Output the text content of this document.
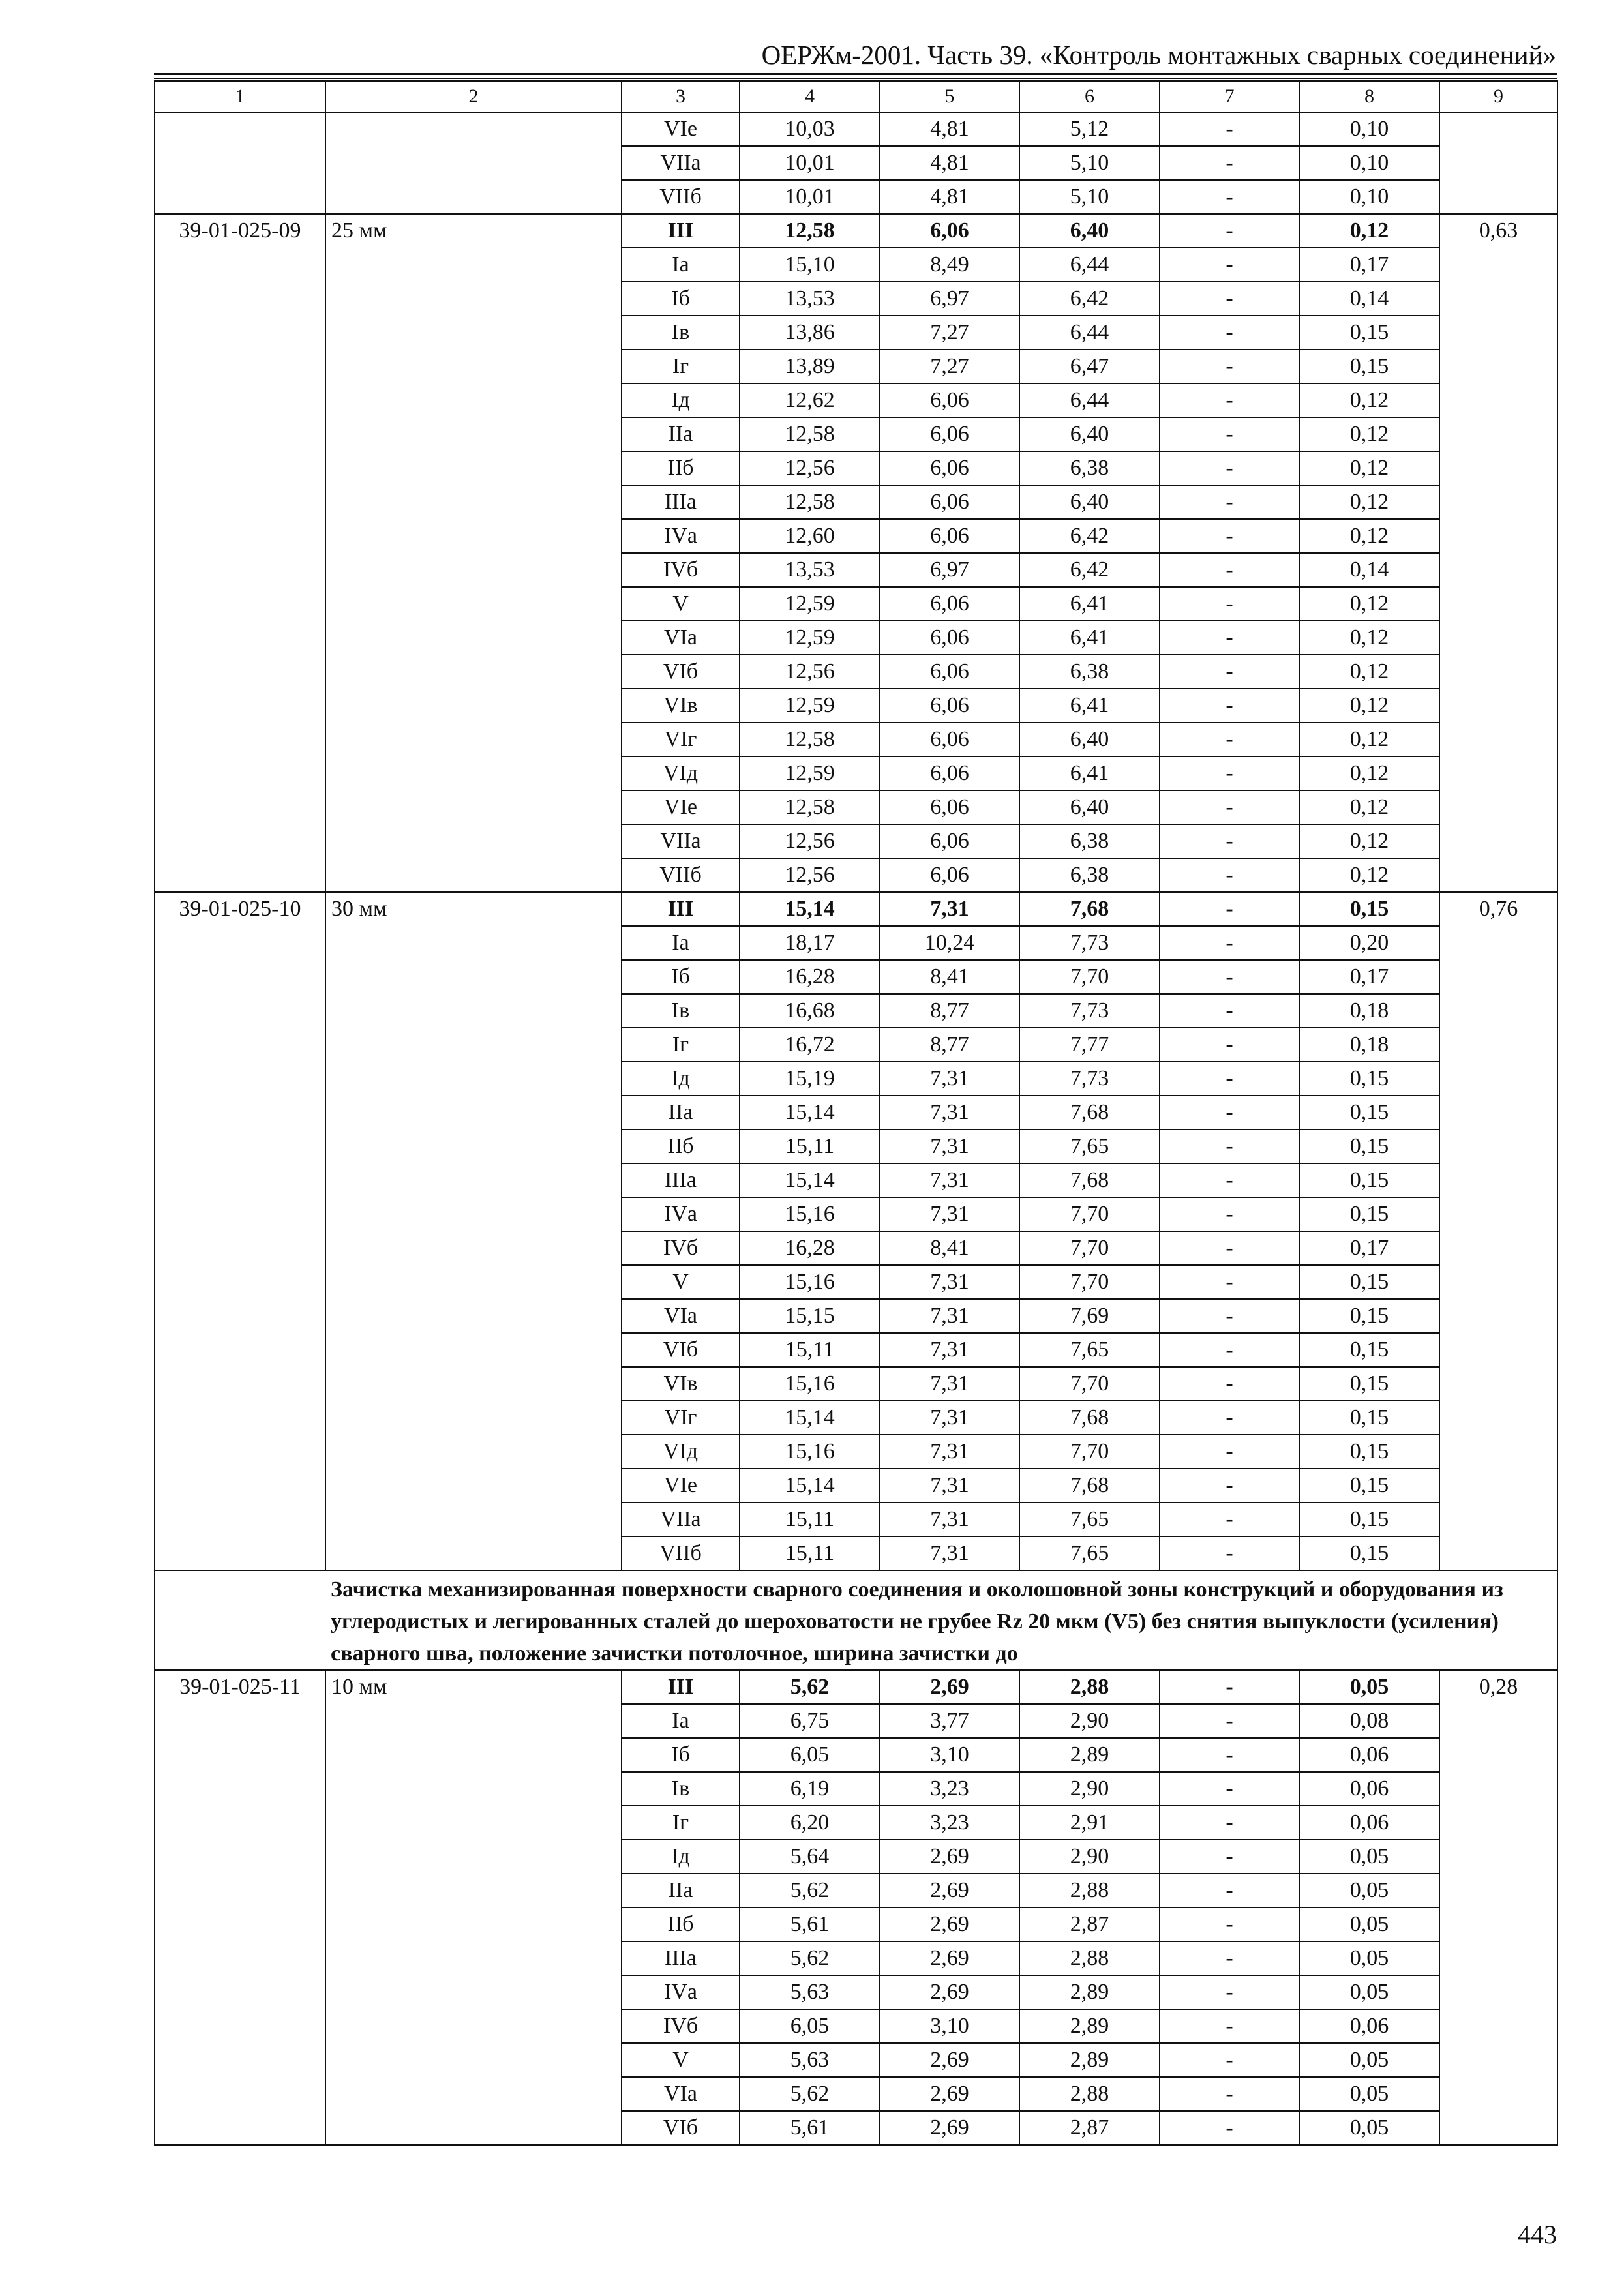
ОЕРЖм-2001. Часть 39. «Контроль монтажных сварных соединений»
1	2	3	4	5	6	7	8	9
		VIе	10,03	4,81	5,12	-	0,10	
		VIIа	10,01	4,81	5,10	-	0,10	
		VIIб	10,01	4,81	5,10	-	0,10	
39-01-025-09	25 мм	III	12,58	6,06	6,40	-	0,12	0,63
		Iа	15,10	8,49	6,44	-	0,17	
		Iб	13,53	6,97	6,42	-	0,14	
		Iв	13,86	7,27	6,44	-	0,15	
		Iг	13,89	7,27	6,47	-	0,15	
		Iд	12,62	6,06	6,44	-	0,12	
		IIа	12,58	6,06	6,40	-	0,12	
		IIб	12,56	6,06	6,38	-	0,12	
		IIIа	12,58	6,06	6,40	-	0,12	
		IVа	12,60	6,06	6,42	-	0,12	
		IVб	13,53	6,97	6,42	-	0,14	
		V	12,59	6,06	6,41	-	0,12	
		VIа	12,59	6,06	6,41	-	0,12	
		VIб	12,56	6,06	6,38	-	0,12	
		VIв	12,59	6,06	6,41	-	0,12	
		VIг	12,58	6,06	6,40	-	0,12	
		VIд	12,59	6,06	6,41	-	0,12	
		VIе	12,58	6,06	6,40	-	0,12	
		VIIа	12,56	6,06	6,38	-	0,12	
		VIIб	12,56	6,06	6,38	-	0,12	
39-01-025-10	30 мм	III	15,14	7,31	7,68	-	0,15	0,76
		Iа	18,17	10,24	7,73	-	0,20	
		Iб	16,28	8,41	7,70	-	0,17	
		Iв	16,68	8,77	7,73	-	0,18	
		Iг	16,72	8,77	7,77	-	0,18	
		Iд	15,19	7,31	7,73	-	0,15	
		IIа	15,14	7,31	7,68	-	0,15	
		IIб	15,11	7,31	7,65	-	0,15	
		IIIа	15,14	7,31	7,68	-	0,15	
		IVа	15,16	7,31	7,70	-	0,15	
		IVб	16,28	8,41	7,70	-	0,17	
		V	15,16	7,31	7,70	-	0,15	
		VIа	15,15	7,31	7,69	-	0,15	
		VIб	15,11	7,31	7,65	-	0,15	
		VIв	15,16	7,31	7,70	-	0,15	
		VIг	15,14	7,31	7,68	-	0,15	
		VIд	15,16	7,31	7,70	-	0,15	
		VIе	15,14	7,31	7,68	-	0,15	
		VIIа	15,11	7,31	7,65	-	0,15	
		VIIб	15,11	7,31	7,65	-	0,15	
	Зачистка механизированная поверхности сварного соединения и околошовной зоны конструкций и оборудования из углеродистых и легированных сталей до шероховатости не грубее Rz 20 мкм (V5) без снятия выпуклости (усиления) сварного шва, положение зачистки потолочное, ширина зачистки до							
39-01-025-11	10 мм	III	5,62	2,69	2,88	-	0,05	0,28
		Iа	6,75	3,77	2,90	-	0,08	
		Iб	6,05	3,10	2,89	-	0,06	
		Iв	6,19	3,23	2,90	-	0,06	
		Iг	6,20	3,23	2,91	-	0,06	
		Iд	5,64	2,69	2,90	-	0,05	
		IIа	5,62	2,69	2,88	-	0,05	
		IIб	5,61	2,69	2,87	-	0,05	
		IIIа	5,62	2,69	2,88	-	0,05	
		IVа	5,63	2,69	2,89	-	0,05	
		IVб	6,05	3,10	2,89	-	0,06	
		V	5,63	2,69	2,89	-	0,05	
		VIа	5,62	2,69	2,88	-	0,05	
		VIб	5,61	2,69	2,87	-	0,05	
443
